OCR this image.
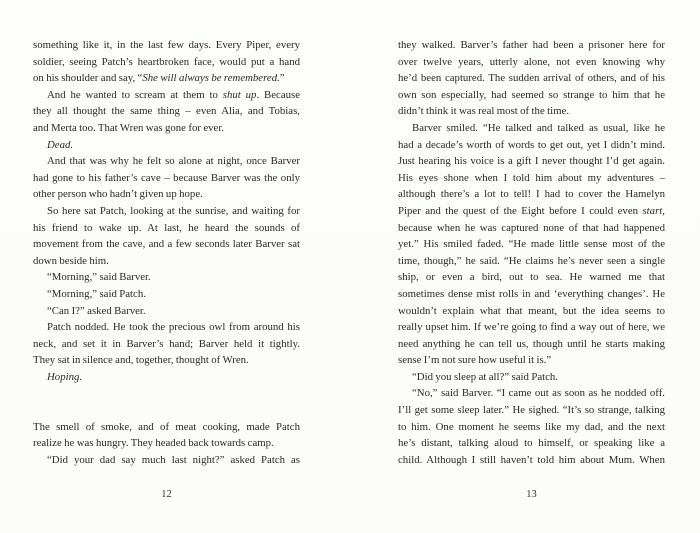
something like it, in the last few days. Every Piper, every
soldier, seeing Patch’s heartbroken face, would put a hand
on his shoulder and say, “She will always be remembered.”
And he wanted to scream at them to shut up. Because
they all thought the same thing – even Alia, and Tobias,
and Merta too. That Wren was gone for ever.
Dead.
And that was why he felt so alone at night, once Barver
had gone to his father’s cave – because Barver was the only
other person who hadn’t given up hope.
So here sat Patch, looking at the sunrise, and waiting for
his friend to wake up. At last, he heard the sounds of
movement from the cave, and a few seconds later Barver sat
down beside him.
“Morning,” said Barver.
“Morning,” said Patch.
“Can I?” asked Barver.
Patch nodded. He took the precious owl from around his
neck, and set it in Barver’s hand; Barver held it tightly.
They sat in silence and, together, thought of Wren.
Hoping.
The smell of smoke, and of meat cooking, made Patch
realize he was hungry. They headed back towards camp.
“Did your dad say much last night?” asked Patch as
they walked. Barver’s father had been a prisoner here for
over twelve years, utterly alone, not even knowing why
he’d been captured. The sudden arrival of others, and of his
own son especially, had seemed so strange to him that he
didn’t think it was real most of the time.
Barver smiled. “He talked and talked as usual, like he
had a decade’s worth of words to get out, yet I didn’t mind.
Just hearing his voice is a gift I never thought I’d get again.
His eyes shone when I told him about my adventures –
although there’s a lot to tell! I had to cover the Hamelyn
Piper and the quest of the Eight before I could even start,
because when he was captured none of that had happened
yet.” His smiled faded. “He made little sense most of the
time, though,” he said. “He claims he’s never seen a single
ship, or even a bird, out to sea. He warned me that
sometimes dense mist rolls in and ‘everything changes’. He
wouldn’t explain what that meant, but the idea seems to
really upset him. If we’re going to find a way out of here, we
need anything he can tell us, though until he starts making
sense I’m not sure how useful it is.”
“Did you sleep at all?” said Patch.
“No,” said Barver. “I came out as soon as he nodded off.
I’ll get some sleep later.” He sighed. “It’s so strange, talking
to him. One moment he seems like my dad, and the next
he’s distant, talking aloud to himself, or speaking like a
child. Although I still haven’t told him about Mum. When
12	13
